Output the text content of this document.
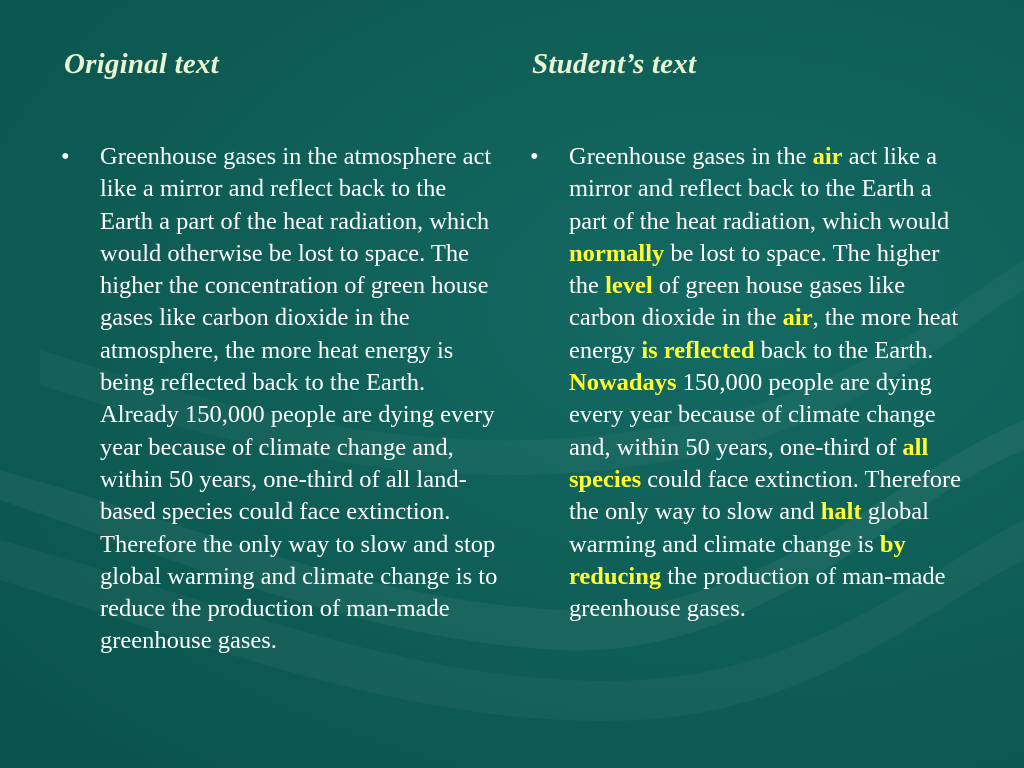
Original text	Student’s text
• Greenhouse gases in the atmosphere act like a mirror and reflect back to the Earth a part of the heat radiation, which would otherwise be lost to space. The higher the concentration of green house gases like carbon dioxide in the atmosphere, the more heat energy is being reflected back to the Earth. Already 150,000 people are dying every year because of climate change and, within 50 years, one-third of all land-based species could face extinction. Therefore the only way to slow and stop global warming and climate change is to reduce the production of man-made greenhouse gases.
• Greenhouse gases in the air act like a mirror and reflect back to the Earth a part of the heat radiation, which would normally be lost to space. The higher the level of green house gases like carbon dioxide in the air, the more heat energy is reflected back to the Earth. Nowadays 150,000 people are dying every year because of climate change and, within 50 years, one-third of all species could face extinction. Therefore the only way to slow and halt global warming and climate change is by reducing the production of man-made greenhouse gases.
